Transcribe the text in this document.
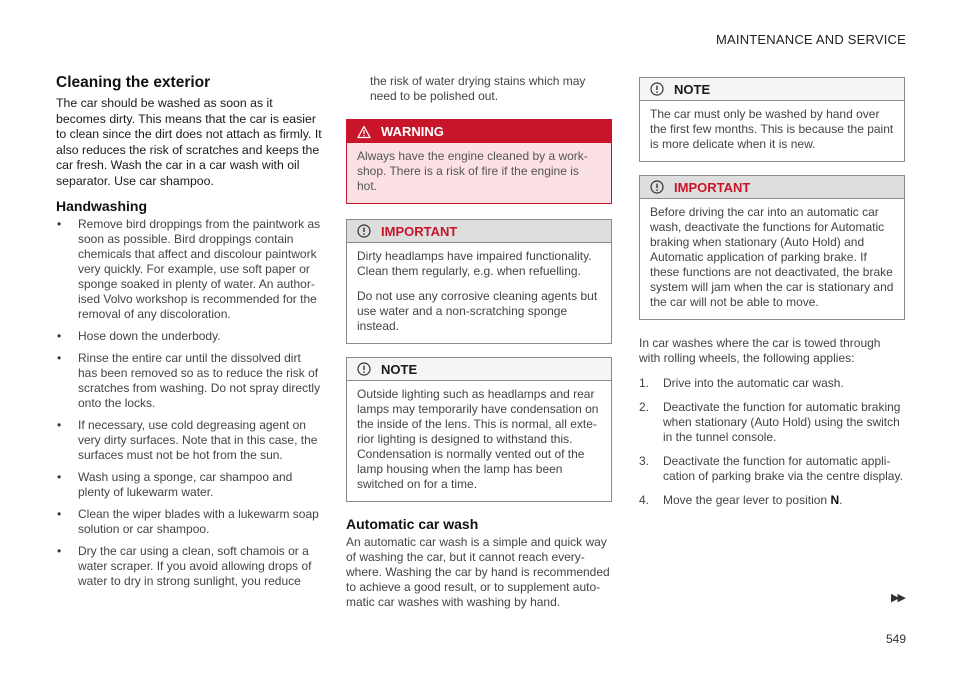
MAINTENANCE AND SERVICE
Cleaning the exterior

The car should be washed as soon as it becomes dirty. This means that the car is easier to clean since the dirt does not attach as firmly. It also reduces the risk of scratches and keeps the car fresh. Wash the car in a car wash with oil separator. Use car shampoo.

Handwashing
• Remove bird droppings from the paintwork as soon as possible. Bird droppings contain chemicals that affect and discolour paintwork very quickly. For example, use soft paper or sponge soaked in plenty of water. An author-ised Volvo workshop is recommended for the removal of any discoloration.
• Hose down the underbody.
• Rinse the entire car until the dissolved dirt has been removed so as to reduce the risk of scratches from washing. Do not spray directly onto the locks.
• If necessary, use cold degreasing agent on very dirty surfaces. Note that in this case, the surfaces must not be hot from the sun.
• Wash using a sponge, car shampoo and plenty of lukewarm water.
• Clean the wiper blades with a lukewarm soap solution or car shampoo.
• Dry the car using a clean, soft chamois or a water scraper. If you avoid allowing drops of water to dry in strong sunlight, you reduce

the risk of water drying stains which may need to be polished out.

WARNING
Always have the engine cleaned by a work-shop. There is a risk of fire if the engine is hot.
IMPORTANT

Dirty headlamps have impaired functionality. Clean them regularly, e.g. when refuelling.

Do not use any corrosive cleaning agents but use water and a non-scratching sponge instead.

NOTE
Outside lighting such as headlamps and rear lamps may temporarily have condensation on the inside of the lens. This is normal, all exte-rior lighting is designed to withstand this. Condensation is normally vented out of the lamp housing when the lamp has been switched on for a time.
Automatic car wash

An automatic car wash is a simple and quick way of washing the car, but it cannot reach every-where. Washing the car by hand is recommended to achieve a good result, or to supplement auto-matic car washes with washing by hand.

NOTE
The car must only be washed by hand over the first few months. This is because the paint is more delicate when it is new.
IMPORTANT
Before driving the car into an automatic car wash, deactivate the functions for Automatic braking when stationary (Auto Hold) and Automatic application of parking brake. If these functions are not deactivated, the brake system will jam when the car is stationary and the car will not be able to move.

In car washes where the car is towed through with rolling wheels, the following applies:

1. Drive into the automatic car wash.
2. Deactivate the function for automatic braking when stationary (Auto Hold) using the switch in the tunnel console.
3. Deactivate the function for automatic appli-cation of parking brake via the centre display.
4. Move the gear lever to position N.
▶▶
549
